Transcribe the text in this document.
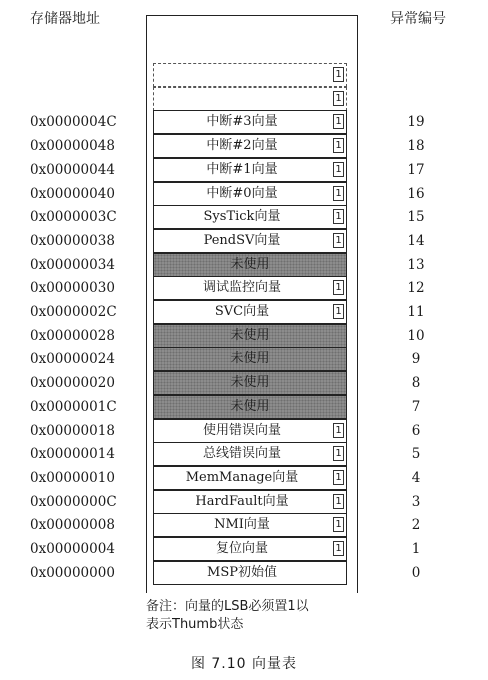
存储器地址	异常编号
1
1
0x0000004C	中断#3向量	1	19
0x00000048	中断#2向量	1	18
0x00000044	中断#1向量	1	17
0x00000040	中断#0向量	1	16
0x0000003C	SysTick向量	1	15
0x00000038	PendSV向量	1	14
0x00000034	未使用	13
0x00000030	调试监控向量	1	12
0x0000002C	SVC向量	1	11
0x00000028	未使用	10
0x00000024	未使用	9
0x00000020	未使用	8
0x0000001C	未使用	7
0x00000018	使用错误向量	1	6
0x00000014	总线错误向量	1	5
0x00000010	MemManage向量	1	4
0x0000000C	HardFault向量	1	3
0x00000008	NMI向量	1	2
0x00000004	复位向量	1	1
0x00000000	MSP初始值	0
备注：向量的LSB必须置1以
表示Thumb状态
图 7.10 向量表
